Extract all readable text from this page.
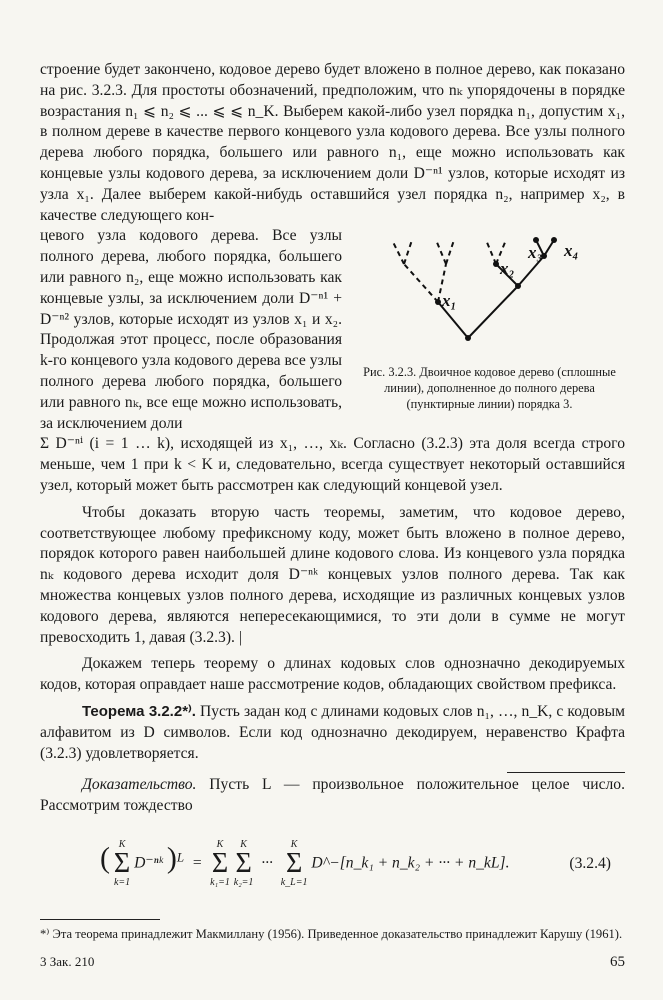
строение будет закончено, кодовое дерево будет вложено в полное дерево, как показано на рис. 3.2.3. Для простоты обозначений, предположим, что nₖ упорядочены в порядке возрастания n₁ ⩽ n₂ ⩽ ... ⩽ ⩽ n_K. Выберем какой-либо узел порядка n₁, допустим x₁, в полном дереве в качестве первого концевого узла кодового дерева. Все узлы полного дерева любого порядка, большего или равного n₁, еще можно использовать как концевые узлы кодового дерева, за исключением доли D⁻ⁿ¹ узлов, которые исходят из узла x₁. Далее выберем какой-нибудь оставшийся узел порядка n₂, например x₂, в качестве следующего кон-

цевого узла кодового дерева. Все узлы полного дерева, любого порядка, большего или равного n₂, еще можно использовать как концевые узлы, за исключением доли D⁻ⁿ¹ + D⁻ⁿ² узлов, которые исходят из узлов x₁ и x₂. Продолжая этот процесс, после образования k-го концевого узла кодового дерева все узлы полного дерева любого порядка, большего или равного nₖ, все еще можно использовать, за исключением доли

x₁
x₂
x₃ x₄
Рис. 3.2.3. Двоичное кодовое дерево (сплошные линии), дополненное до полного дерева (пунктирные линии) порядка 3.

Σ D⁻ⁿⁱ (i = 1 … k), исходящей из x₁, …, xₖ. Согласно (3.2.3) эта доля всегда строго меньше, чем 1 при k < K и, следовательно, всегда существует некоторый оставшийся узел, который может быть рассмотрен как следующий концевой узел.

Чтобы доказать вторую часть теоремы, заметим, что кодовое дерево, соответствующее любому префиксному коду, может быть вложено в полное дерево, порядок которого равен наибольшей длине кодового слова. Из концевого узла порядка nₖ кодового дерева исходит доля D⁻ⁿᵏ концевых узлов полного дерева. Так как множества концевых узлов полного дерева, исходящие из различных концевых узлов кодового дерева, являются непересекающимися, то эти доли в сумме не могут превосходить 1, давая (3.2.3). |

Докажем теперь теорему о длинах кодовых слов однозначно декодируемых кодов, которая оправдает наше рассмотрение кодов, обладающих свойством префикса.

Теорема 3.2.2*⁾. Пусть задан код с длинами кодовых слов n₁, …, n_K, с кодовым алфавитом из D символов. Если код однозначно декодируем, неравенство Крафта (3.2.3) удовлетворяется.

Доказательство. Пусть L — произвольное положительное целое число. Рассмотрим тождество

( K
Σ
k=1
D⁻ⁿᵏ )$^L$  =
K
Σ
k₁=1

K
Σ
k₂=1
···
K
Σ
k_L=1
D^−[n_k₁ + n_k₂ + ··· + n_kL].	(3.2.4)

*⁾ Эта теорема принадлежит Макмиллану (1956). Приведенное доказательство принадлежит Карушу (1961).

3 Зак. 210	65
